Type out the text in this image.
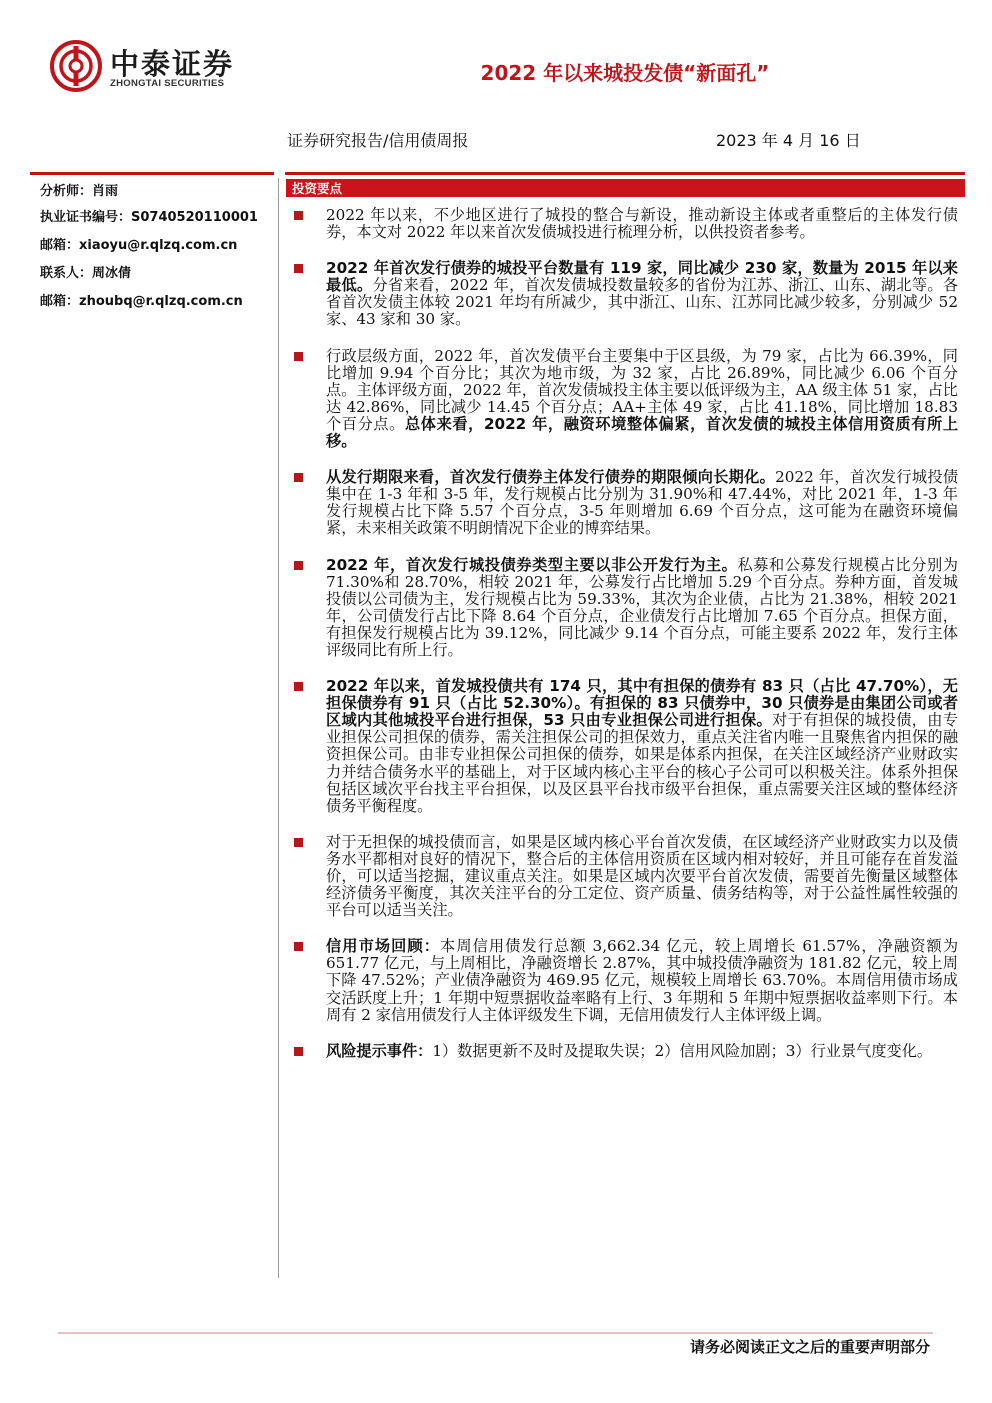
中泰证券
ZHONGTAI SECURITIES	2022 年以来城投发债“新面孔”
证券研究报告/信用债周报	2023 年 4 月 16 日
分析师：肖雨
执业证书编号：S0740520110001
邮箱：xiaoyu@r.qlzq.com.cn
联系人：周冰倩
邮箱：zhoubq@r.qlzq.com.cn
投资要点
2022 年以来，不少地区进行了城投的整合与新设，推动新设主体或者重整后的主体发行债券，本文对 2022 年以来首次发债城投进行梳理分析，以供投资者参考。
2022 年首次发行债券的城投平台数量有 119 家，同比减少 230 家，数量为 2015 年以来最低。分省来看，2022 年，首次发债城投数量较多的省份为江苏、浙江、山东、湖北等。各省首次发债主体较 2021 年均有所减少，其中浙江、山东、江苏同比减少较多，分别减少 52 家、43 家和 30 家。
行政层级方面，2022 年，首次发债平台主要集中于区县级，为 79 家，占比为 66.39%，同比增加 9.94 个百分比；其次为地市级，为 32 家，占比 26.89%，同比减少 6.06 个百分点。主体评级方面，2022 年，首次发债城投主体主要以低评级为主，AA 级主体 51 家，占比达 42.86%，同比减少 14.45 个百分点；AA+主体 49 家，占比 41.18%，同比增加 18.83 个百分点。总体来看，2022 年，融资环境整体偏紧，首次发债的城投主体信用资质有所上移。
从发行期限来看，首次发行债券主体发行债券的期限倾向长期化。2022 年，首次发行城投债集中在 1-3 年和 3-5 年，发行规模占比分别为 31.90%和 47.44%，对比 2021 年，1-3 年发行规模占比下降 5.57 个百分点，3-5 年则增加 6.69 个百分点，这可能为在融资环境偏紧，未来相关政策不明朗情况下企业的博弈结果。
2022 年，首次发行城投债券类型主要以非公开发行为主。私募和公募发行规模占比分别为 71.30%和 28.70%，相较 2021 年，公募发行占比增加 5.29 个百分点。券种方面，首发城投债以公司债为主，发行规模占比为 59.33%，其次为企业债，占比为 21.38%，相较 2021 年，公司债发行占比下降 8.64 个百分点，企业债发行占比增加 7.65 个百分点。担保方面，有担保发行规模占比为 39.12%，同比减少 9.14 个百分点，可能主要系 2022 年，发行主体评级同比有所上行。
2022 年以来，首发城投债共有 174 只，其中有担保的债券有 83 只（占比 47.70%），无担保债券有 91 只（占比 52.30%）。有担保的 83 只债券中，30 只债券是由集团公司或者区域内其他城投平台进行担保，53 只由专业担保公司进行担保。对于有担保的城投债，由专业担保公司担保的债券，需关注担保公司的担保效力，重点关注省内唯一且聚焦省内担保的融资担保公司。由非专业担保公司担保的债券，如果是体系内担保，在关注区域经济产业财政实力并结合债务水平的基础上，对于区域内核心主平台的核心子公司可以积极关注。体系外担保包括区域次平台找主平台担保，以及区县平台找市级平台担保，重点需要关注区域的整体经济债务平衡程度。
对于无担保的城投债而言，如果是区域内核心平台首次发债，在区域经济产业财政实力以及债务水平都相对良好的情况下，整合后的主体信用资质在区域内相对较好，并且可能存在首发溢价，可以适当挖掘，建议重点关注。如果是区域内次要平台首次发债，需要首先衡量区域整体经济债务平衡度，其次关注平台的分工定位、资产质量、债务结构等，对于公益性属性较强的平台可以适当关注。
信用市场回顾：本周信用债发行总额 3,662.34 亿元，较上周增长 61.57%，净融资额为 651.77 亿元，与上周相比，净融资增长 2.87%，其中城投债净融资为 181.82 亿元，较上周下降 47.52%；产业债净融资为 469.95 亿元，规模较上周增长 63.70%。本周信用债市场成交活跃度上升；1 年期中短票据收益率略有上行、3 年期和 5 年期中短票据收益率则下行。本周有 2 家信用债发行人主体评级发生下调，无信用债发行人主体评级上调。
风险提示事件：1）数据更新不及时及提取失误；2）信用风险加剧；3）行业景气度变化。
请务必阅读正文之后的重要声明部分
